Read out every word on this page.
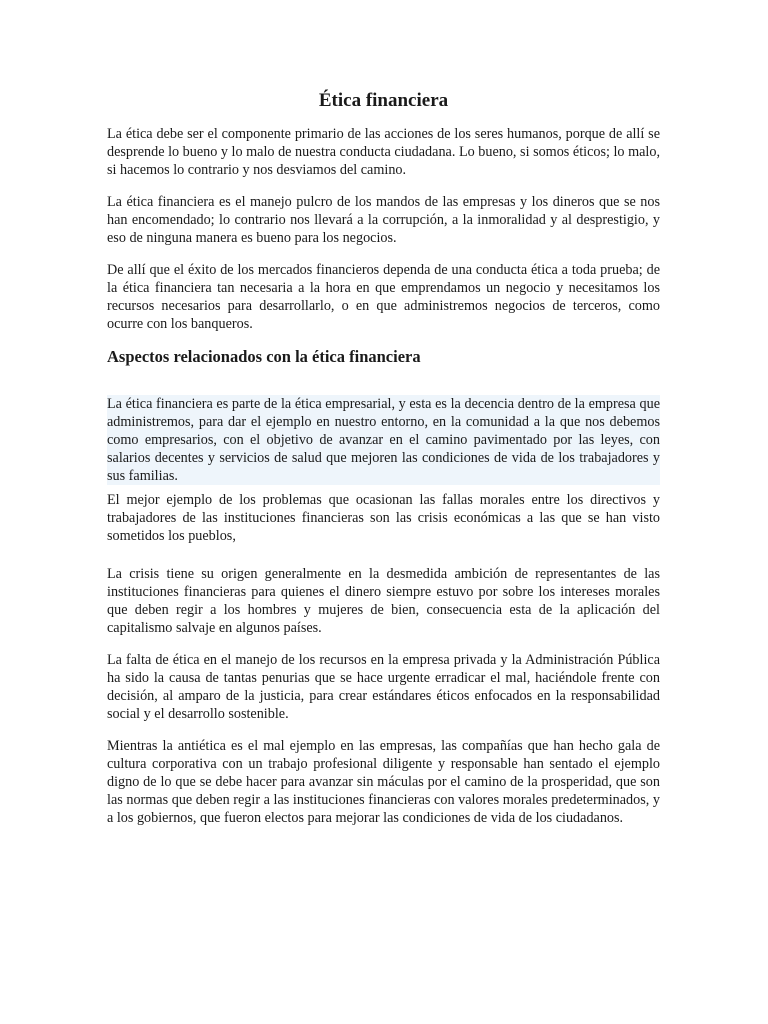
Ética financiera

La ética debe ser el componente primario de las acciones de los seres humanos, porque de allí se desprende lo bueno y lo malo de nuestra conducta ciudadana. Lo bueno, si somos éticos; lo malo, si hacemos lo contrario y nos desviamos del camino.

La ética financiera es el manejo pulcro de los mandos de las empresas y los dineros que se nos han encomendado; lo contrario nos llevará a la corrupción, a la inmoralidad y al desprestigio, y eso de ninguna manera es bueno para los negocios.

De allí que el éxito de los mercados financieros dependa de una conducta ética a toda prueba; de la ética financiera tan necesaria a la hora en que emprendamos un negocio y necesitamos los recursos necesarios para desarrollarlo, o en que administremos negocios de terceros, como ocurre con los banqueros.

Aspectos relacionados con la ética financiera

La ética financiera es parte de la ética empresarial, y esta es la decencia dentro de la empresa que administremos, para dar el ejemplo en nuestro entorno, en la comunidad a la que nos debemos como empresarios, con el objetivo de avanzar en el camino pavimentado por las leyes, con salarios decentes y servicios de salud que mejoren las condiciones de vida de los trabajadores y sus familias.

El mejor ejemplo de los problemas que ocasionan las fallas morales entre los directivos y trabajadores de las instituciones financieras son las crisis económicas a las que se han visto sometidos los pueblos,

La crisis tiene su origen generalmente en la desmedida ambición de representantes de las instituciones financieras para quienes el dinero siempre estuvo por sobre los intereses morales que deben regir a los hombres y mujeres de bien, consecuencia esta de la aplicación del capitalismo salvaje en algunos países.

La falta de ética en el manejo de los recursos en la empresa privada y la Administración Pública ha sido la causa de tantas penurias que se hace urgente erradicar el mal, haciéndole frente con decisión, al amparo de la justicia, para crear estándares éticos enfocados en la responsabilidad social y el desarrollo sostenible.

Mientras la antiética es el mal ejemplo en las empresas, las compañías que han hecho gala de cultura corporativa con un trabajo profesional diligente y responsable han sentado el ejemplo digno de lo que se debe hacer para avanzar sin máculas por el camino de la prosperidad, que son las normas que deben regir a las instituciones financieras con valores morales predeterminados, y a los gobiernos, que fueron electos para mejorar las condiciones de vida de los ciudadanos.
